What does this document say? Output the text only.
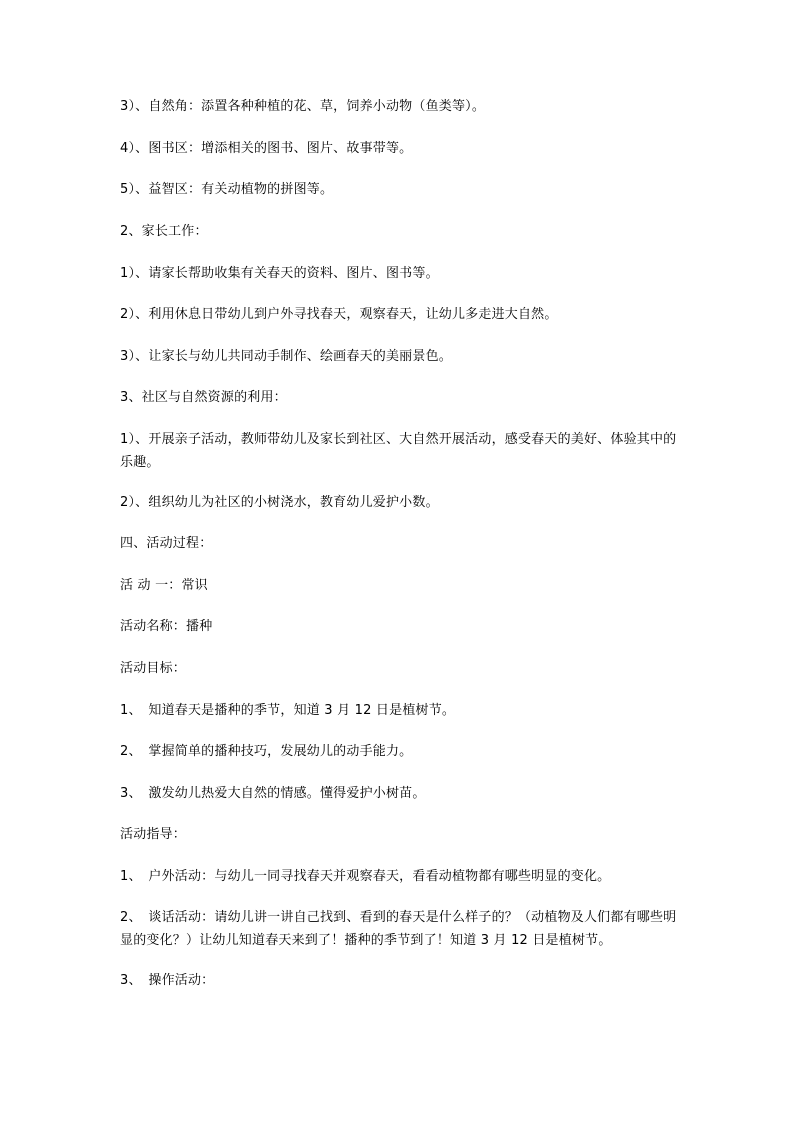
3）、自然角：添置各种种植的花、草，饲养小动物（鱼类等）。
4）、图书区：增添相关的图书、图片、故事带等。
5）、益智区：有关动植物的拼图等。
2、家长工作：
1）、请家长帮助收集有关春天的资料、图片、图书等。
2）、利用休息日带幼儿到户外寻找春天，观察春天，让幼儿多走进大自然。
3）、让家长与幼儿共同动手制作、绘画春天的美丽景色。
3、社区与自然资源的利用：
1）、开展亲子活动，教师带幼儿及家长到社区、大自然开展活动，感受春天的美好、体验其中的乐趣。
2）、组织幼儿为社区的小树浇水，教育幼儿爱护小数。
四、活动过程：
活 动 一：常识
活动名称：播种
活动目标：
1、　知道春天是播种的季节，知道 3 月 12 日是植树节。
2、　掌握简单的播种技巧，发展幼儿的动手能力。
3、　激发幼儿热爱大自然的情感。懂得爱护小树苗。
活动指导：
1、　户外活动：与幼儿一同寻找春天并观察春天，看看动植物都有哪些明显的变化。
2、　谈话活动：请幼儿讲一讲自己找到、看到的春天是什么样子的？（动植物及人们都有哪些明显的变化？）让幼儿知道春天来到了！播种的季节到了！知道 3 月 12 日是植树节。
3、　操作活动：
